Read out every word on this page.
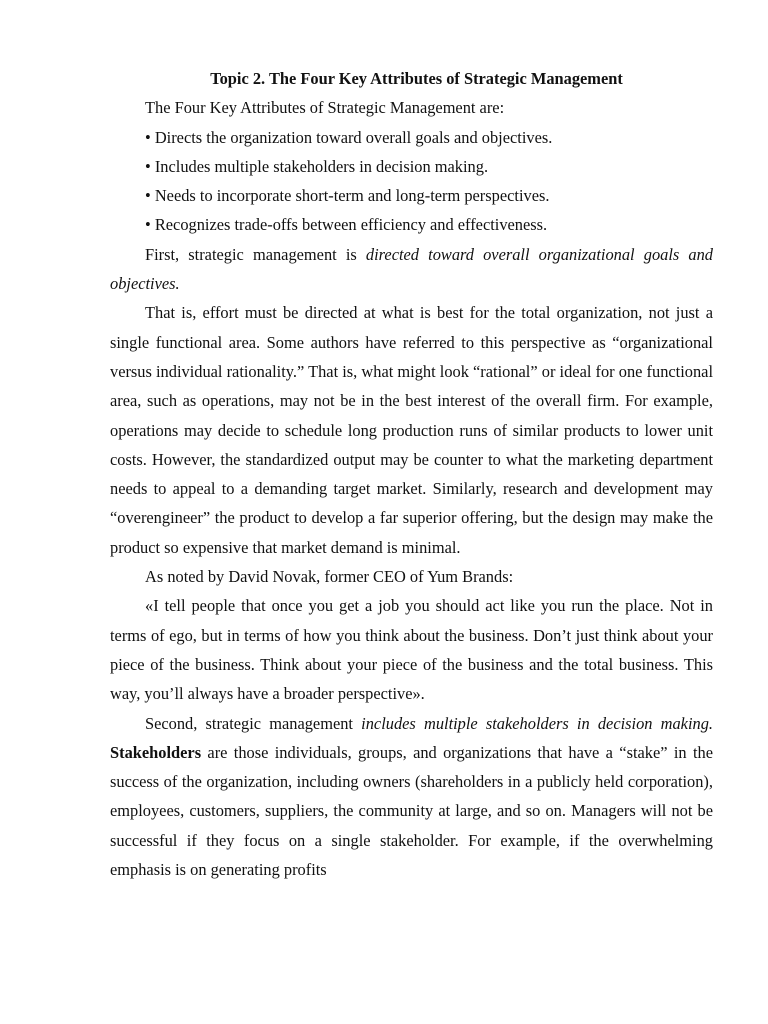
Topic 2. The Four Key Attributes of Strategic Management

The Four Key Attributes of Strategic Management are:

• Directs the organization toward overall goals and objectives.

• Includes multiple stakeholders in decision making.

• Needs to incorporate short-term and long-term perspectives.

• Recognizes trade-offs between efficiency and effectiveness.

First, strategic management is directed toward overall organizational goals and objectives.

That is, effort must be directed at what is best for the total organization, not just a single functional area. Some authors have referred to this perspective as “organizational versus individual rationality.” That is, what might look “rational” or ideal for one functional area, such as operations, may not be in the best interest of the overall firm. For example, operations may decide to schedule long production runs of similar products to lower unit costs. However, the standardized output may be counter to what the marketing department needs to appeal to a demanding target market. Similarly, research and development may “overengineer” the product to develop a far superior offering, but the design may make the product so expensive that market demand is minimal.

As noted by David Novak, former CEO of Yum Brands:

«I tell people that once you get a job you should act like you run the place. Not in terms of ego, but in terms of how you think about the business. Don’t just think about your piece of the business. Think about your piece of the business and the total business. This way, you’ll always have a broader perspective».

Second, strategic management includes multiple stakeholders in decision making. Stakeholders are those individuals, groups, and organizations that have a “stake” in the success of the organization, including owners (shareholders in a publicly held corporation), employees, customers, suppliers, the community at large, and so on. Managers will not be successful if they focus on a single stakeholder. For example, if the overwhelming emphasis is on generating profits
